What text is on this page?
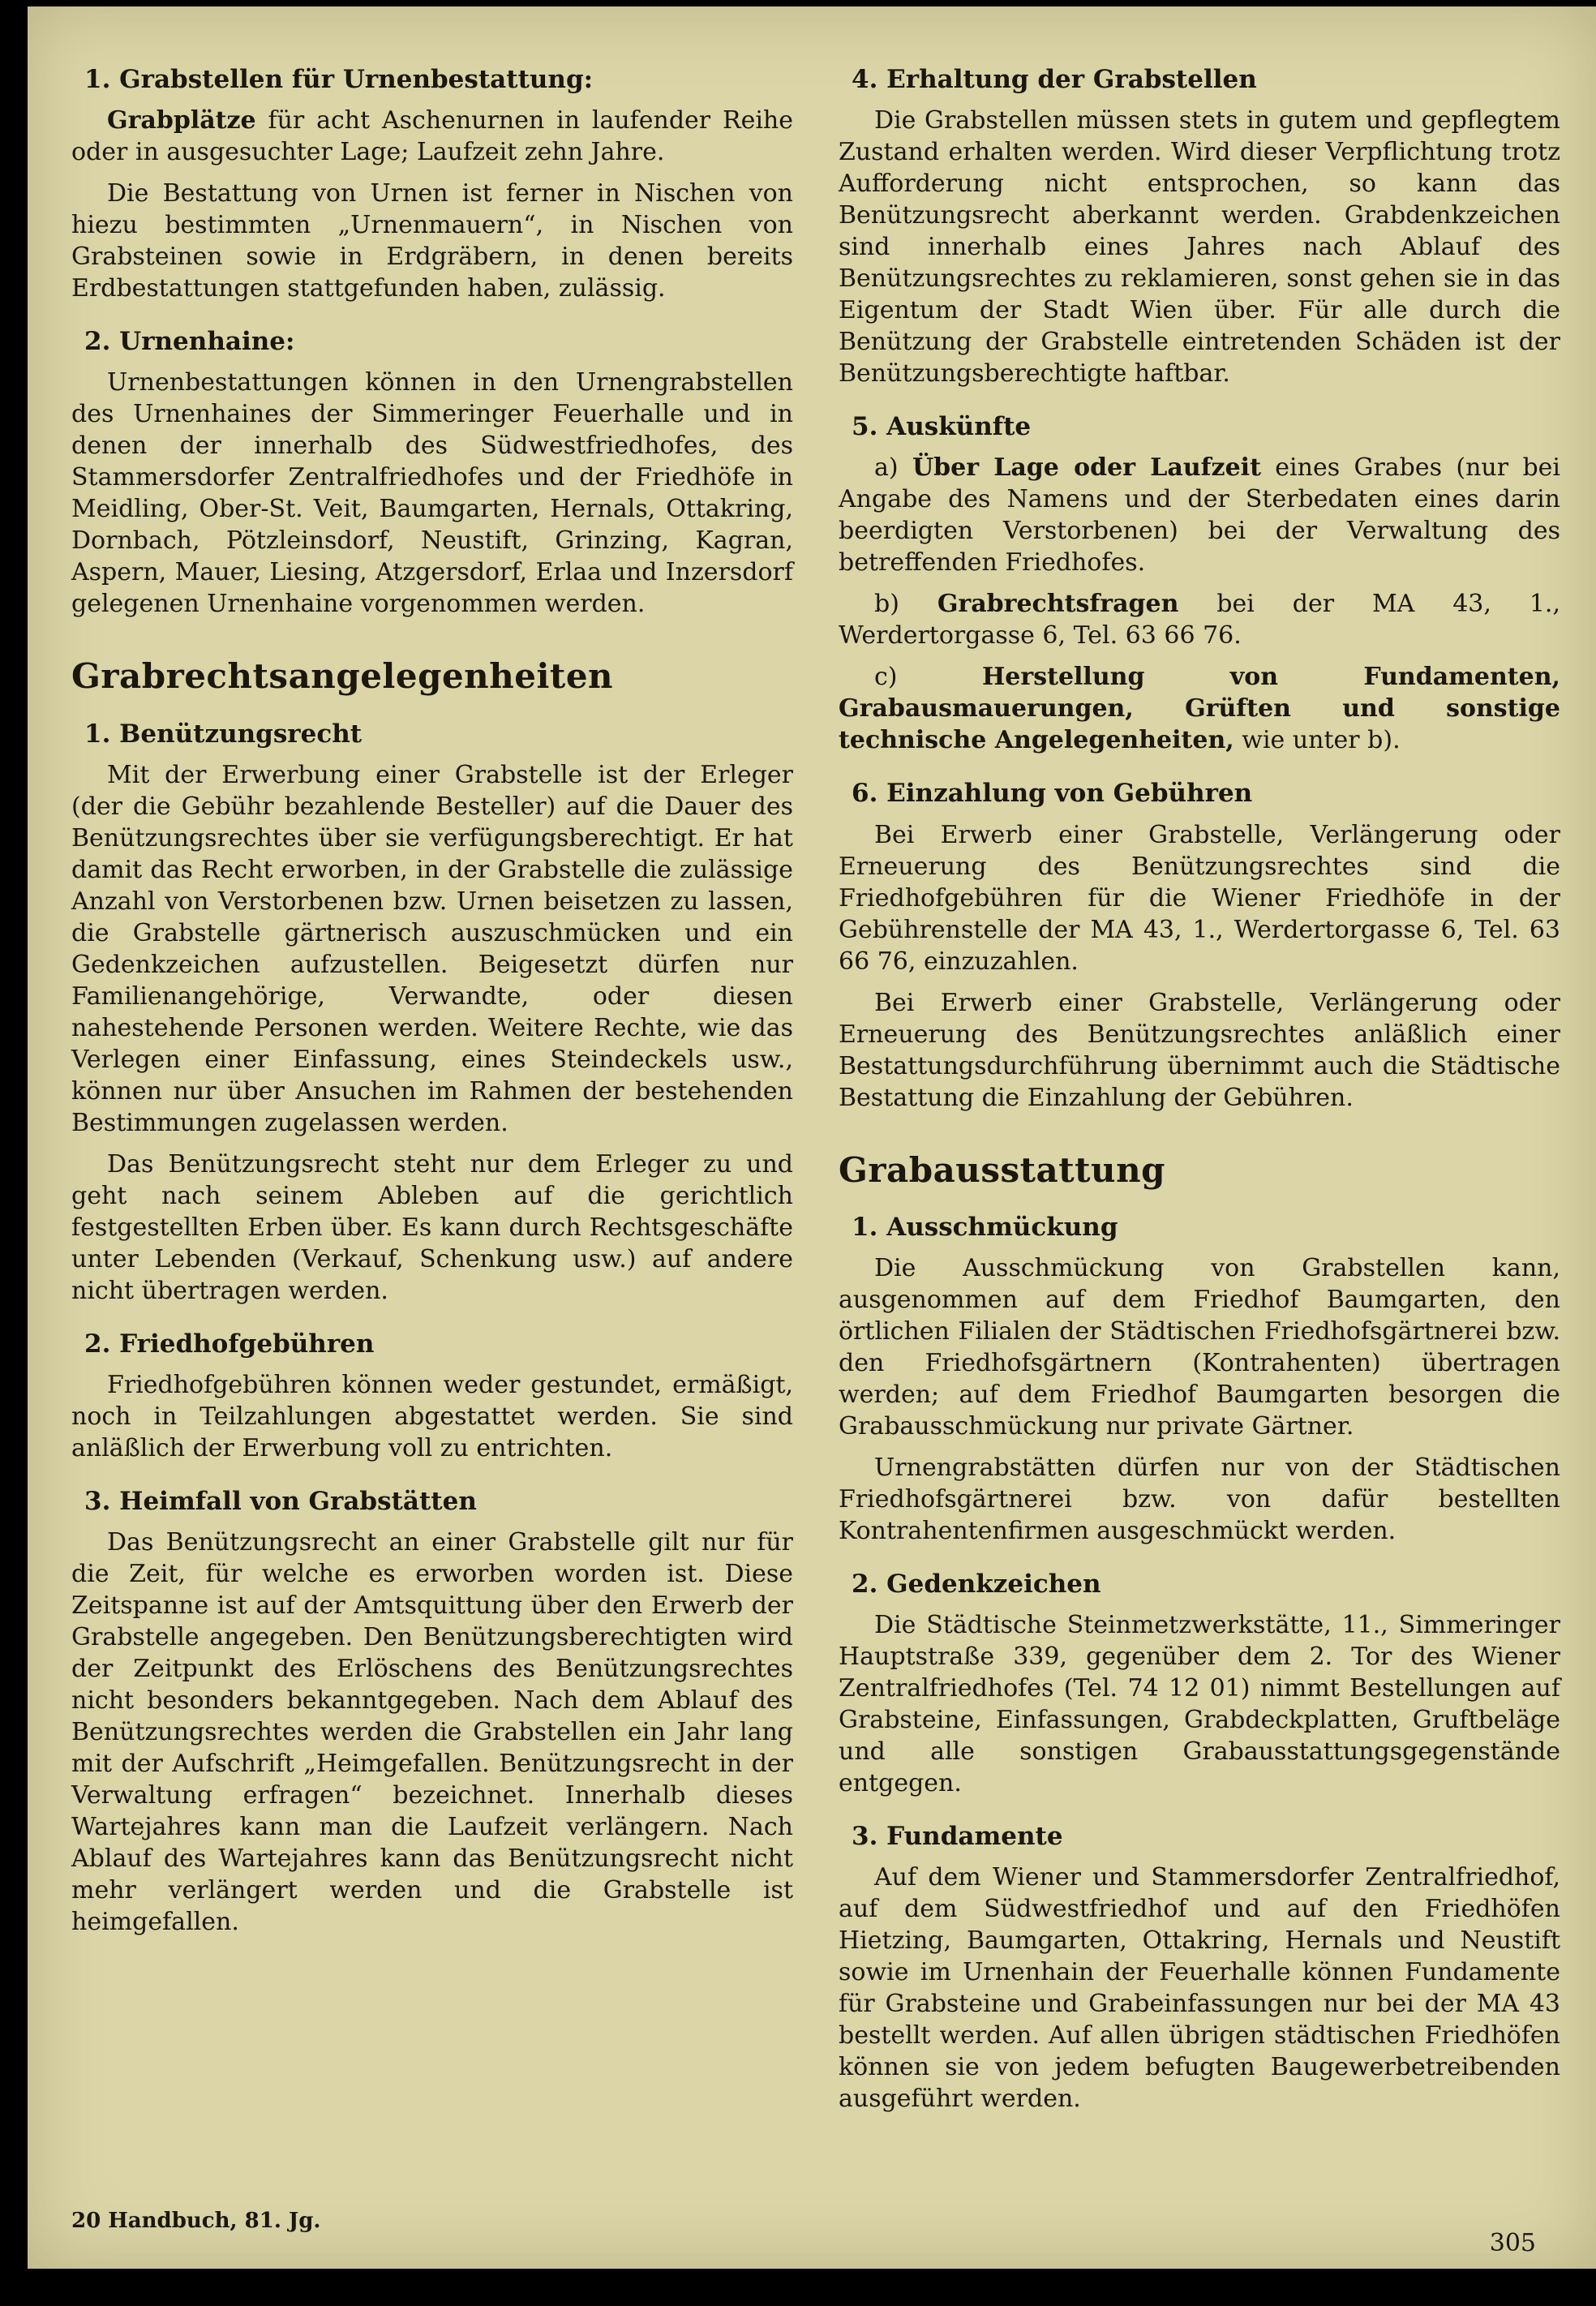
1. Grabstellen für Urnenbestattung:

Grabplätze für acht Aschenurnen in laufender Reihe oder in ausgesuchter Lage; Laufzeit zehn Jahre.

Die Bestattung von Urnen ist ferner in Nischen von hiezu bestimmten „Urnenmauern“, in Nischen von Grabsteinen sowie in Erdgräbern, in denen bereits Erdbestattungen stattgefunden haben, zulässig.

2. Urnenhaine:

Urnenbestattungen können in den Urnengrabstellen des Urnenhaines der Simmeringer Feuerhalle und in denen der innerhalb des Südwestfriedhofes, des Stammersdorfer Zentralfriedhofes und der Friedhöfe in Meidling, Ober-St. Veit, Baumgarten, Hernals, Ottakring, Dornbach, Pötzleinsdorf, Neustift, Grinzing, Kagran, Aspern, Mauer, Liesing, Atzgersdorf, Erlaa und Inzersdorf gelegenen Urnenhaine vorgenommen werden.

Grabrechtsangelegenheiten
1. Benützungsrecht

Mit der Erwerbung einer Grabstelle ist der Erleger (der die Gebühr bezahlende Besteller) auf die Dauer des Benützungsrechtes über sie verfügungsberechtigt. Er hat damit das Recht erworben, in der Grabstelle die zulässige Anzahl von Verstorbenen bzw. Urnen beisetzen zu lassen, die Grabstelle gärtnerisch auszuschmücken und ein Gedenkzeichen aufzustellen. Beigesetzt dürfen nur Familienangehörige, Verwandte, oder diesen nahestehende Personen werden. Weitere Rechte, wie das Verlegen einer Einfassung, eines Steindeckels usw., können nur über Ansuchen im Rahmen der bestehenden Bestimmungen zugelassen werden.

Das Benützungsrecht steht nur dem Erleger zu und geht nach seinem Ableben auf die gerichtlich festgestellten Erben über. Es kann durch Rechtsgeschäfte unter Lebenden (Verkauf, Schenkung usw.) auf andere nicht übertragen werden.

2. Friedhofgebühren

Friedhofgebühren können weder gestundet, ermäßigt, noch in Teilzahlungen abgestattet werden. Sie sind anläßlich der Erwerbung voll zu entrichten.

3. Heimfall von Grabstätten

Das Benützungsrecht an einer Grabstelle gilt nur für die Zeit, für welche es erworben worden ist. Diese Zeitspanne ist auf der Amtsquittung über den Erwerb der Grabstelle angegeben. Den Benützungsberechtigten wird der Zeitpunkt des Erlöschens des Benützungsrechtes nicht besonders bekanntgegeben. Nach dem Ablauf des Benützungsrechtes werden die Grabstellen ein Jahr lang mit der Aufschrift „Heimgefallen. Benützungsrecht in der Verwaltung erfragen“ bezeichnet. Innerhalb dieses Wartejahres kann man die Laufzeit verlängern. Nach Ablauf des Wartejahres kann das Benützungsrecht nicht mehr verlängert werden und die Grabstelle ist heimgefallen.

4. Erhaltung der Grabstellen

Die Grabstellen müssen stets in gutem und gepflegtem Zustand erhalten werden. Wird dieser Verpflichtung trotz Aufforderung nicht entsprochen, so kann das Benützungsrecht aberkannt werden. Grabdenkzeichen sind innerhalb eines Jahres nach Ablauf des Benützungsrechtes zu reklamieren, sonst gehen sie in das Eigentum der Stadt Wien über. Für alle durch die Benützung der Grabstelle eintretenden Schäden ist der Benützungsberechtigte haftbar.

5. Auskünfte

a) Über Lage oder Laufzeit eines Grabes (nur bei Angabe des Namens und der Sterbedaten eines darin beerdigten Verstorbenen) bei der Verwaltung des betreffenden Friedhofes.

b) Grabrechtsfragen bei der MA 43, 1., Werdertorgasse 6, Tel. 63 66 76.

c) Herstellung von Fundamenten, Grabausmauerungen, Grüften und sonstige technische Angelegenheiten, wie unter b).

6. Einzahlung von Gebühren

Bei Erwerb einer Grabstelle, Verlängerung oder Erneuerung des Benützungsrechtes sind die Friedhofgebühren für die Wiener Friedhöfe in der Gebührenstelle der MA 43, 1., Werdertorgasse 6, Tel. 63 66 76, einzuzahlen.

Bei Erwerb einer Grabstelle, Verlängerung oder Erneuerung des Benützungsrechtes anläßlich einer Bestattungsdurchführung übernimmt auch die Städtische Bestattung die Einzahlung der Gebühren.

Grabausstattung
1. Ausschmückung

Die Ausschmückung von Grabstellen kann, ausgenommen auf dem Friedhof Baumgarten, den örtlichen Filialen der Städtischen Friedhofsgärtnerei bzw. den Friedhofsgärtnern (Kontrahenten) übertragen werden; auf dem Friedhof Baumgarten besorgen die Grabausschmückung nur private Gärtner.

Urnengrabstätten dürfen nur von der Städtischen Friedhofsgärtnerei bzw. von dafür bestellten Kontrahentenfirmen ausgeschmückt werden.

2. Gedenkzeichen

Die Städtische Steinmetzwerkstätte, 11., Simmeringer Hauptstraße 339, gegenüber dem 2. Tor des Wiener Zentralfriedhofes (Tel. 74 12 01) nimmt Bestellungen auf Grabsteine, Einfassungen, Grabdeckplatten, Gruftbeläge und alle sonstigen Grabausstattungsgegenstände entgegen.

3. Fundamente

Auf dem Wiener und Stammersdorfer Zentralfriedhof, auf dem Südwestfriedhof und auf den Friedhöfen Hietzing, Baumgarten, Ottakring, Hernals und Neustift sowie im Urnenhain der Feuerhalle können Fundamente für Grabsteine und Grabeinfassungen nur bei der MA 43 bestellt werden. Auf allen übrigen städtischen Friedhöfen können sie von jedem befugten Baugewerbetreibenden ausgeführt werden.

20 Handbuch, 81. Jg.
305
